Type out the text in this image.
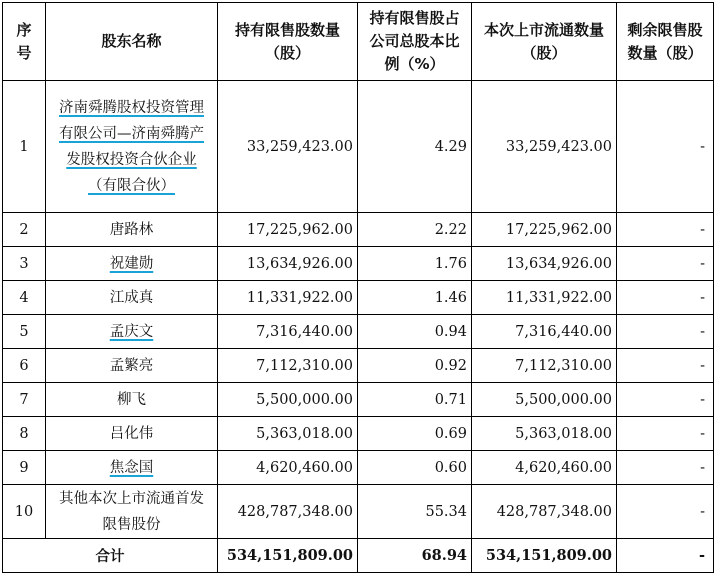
序号	股东名称	持有限售股数量（股）	持有限售股占公司总股本比例（%）	本次上市流通数量（股）	剩余限售股数量（股）

1	济南舜腾股权投资管理有限公司—济南舜腾产发股权投资合伙企业（有限合伙）	33,259,423.00	4.29	33,259,423.00	-
2	唐路林	17,225,962.00	2.22	17,225,962.00	-
3	祝建勋	13,634,926.00	1.76	13,634,926.00	-
4	江成真	11,331,922.00	1.46	11,331,922.00	-
5	孟庆文	7,316,440.00	0.94	7,316,440.00	-
6	孟繁亮	7,112,310.00	0.92	7,112,310.00	-
7	柳飞	5,500,000.00	0.71	5,500,000.00	-
8	吕化伟	5,363,018.00	0.69	5,363,018.00	-
9	焦念国	4,620,460.00	0.60	4,620,460.00	-
10	其他本次上市流通首发限售股份	428,787,348.00	55.34	428,787,348.00	-
合计		534,151,809.00	68.94	534,151,809.00	-
